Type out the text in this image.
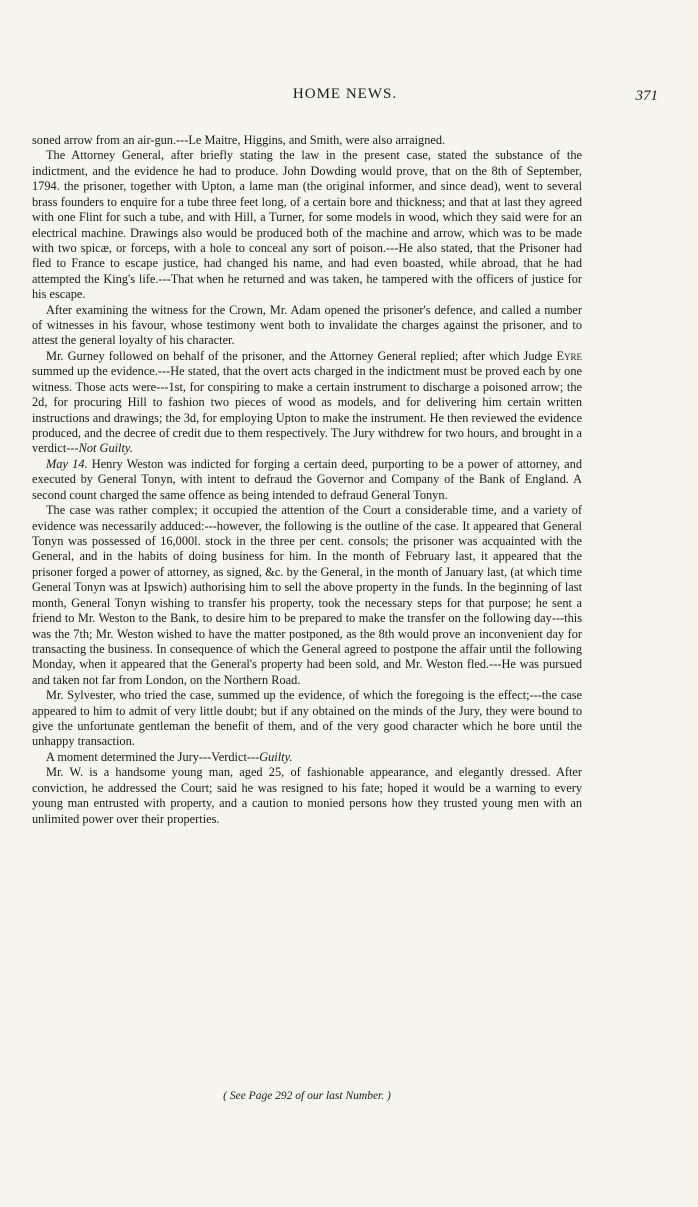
HOME NEWS.	371

soned arrow from an air-gun.---Le Maitre, Higgins, and Smith, were also arraigned.

The Attorney General, after briefly stating the law in the present case, stated the substance of the indictment, and the evidence he had to produce. John Dowding would prove, that on the 8th of September, 1794. the prisoner, together with Upton, a lame man (the original informer, and since dead), went to several brass founders to enquire for a tube three feet long, of a certain bore and thickness; and that at last they agreed with one Flint for such a tube, and with Hill, a Turner, for some models in wood, which they said were for an electrical machine. Drawings also would be produced both of the machine and arrow, which was to be made with two spicæ, or forceps, with a hole to conceal any sort of poison.---He also stated, that the Prisoner had fled to France to escape justice, had changed his name, and had even boasted, while abroad, that he had attempted the King's life.---That when he returned and was taken, he tampered with the officers of justice for his escape.

After examining the witness for the Crown, Mr. Adam opened the prisoner's defence, and called a number of witnesses in his favour, whose testimony went both to invalidate the charges against the prisoner, and to attest the general loyalty of his character.

Mr. Gurney followed on behalf of the prisoner, and the Attorney General replied; after which Judge Eyre summed up the evidence.---He stated, that the overt acts charged in the indictment must be proved each by one witness. Those acts were---1st, for conspiring to make a certain instrument to discharge a poisoned arrow; the 2d, for procuring Hill to fashion two pieces of wood as models, and for delivering him certain written instructions and drawings; the 3d, for employing Upton to make the instrument. He then reviewed the evidence produced, and the decree of credit due to them respectively. The Jury withdrew for two hours, and brought in a verdict---Not Guilty.

May 14. Henry Weston was indicted for forging a certain deed, purporting to be a power of attorney, and executed by General Tonyn, with intent to defraud the Governor and Company of the Bank of England. A second count charged the same offence as being intended to defraud General Tonyn.

The case was rather complex; it occupied the attention of the Court a considerable time, and a variety of evidence was necessarily adduced:---however, the following is the outline of the case. It appeared that General Tonyn was possessed of 16,000l. stock in the three per cent. consols; the prisoner was acquainted with the General, and in the habits of doing business for him. In the month of February last, it appeared that the prisoner forged a power of attorney, as signed, &c. by the General, in the month of January last, (at which time General Tonyn was at Ipswich) authorising him to sell the above property in the funds. In the beginning of last month, General Tonyn wishing to transfer his property, took the necessary steps for that purpose; he sent a friend to Mr. Weston to the Bank, to desire him to be prepared to make the transfer on the following day---this was the 7th; Mr. Weston wished to have the matter postponed, as the 8th would prove an inconvenient day for transacting the business. In consequence of which the General agreed to postpone the affair until the following Monday, when it appeared that the General's property had been sold, and Mr. Weston fled.---He was pursued and taken not far from London, on the Northern Road.

Mr. Sylvester, who tried the case, summed up the evidence, of which the foregoing is the effect;---the case appeared to him to admit of very little doubt; but if any obtained on the minds of the Jury, they were bound to give the unfortunate gentleman the benefit of them, and of the very good character which he bore until the unhappy transaction.

A moment determined the Jury---Verdict---Guilty.

Mr. W. is a handsome young man, aged 25, of fashionable appearance, and elegantly dressed. After conviction, he addressed the Court; said he was resigned to his fate; hoped it would be a warning to every young man entrusted with property, and a caution to monied persons how they trusted young men with an unlimited power over their properties.

( See Page 292 of our last Number. )
